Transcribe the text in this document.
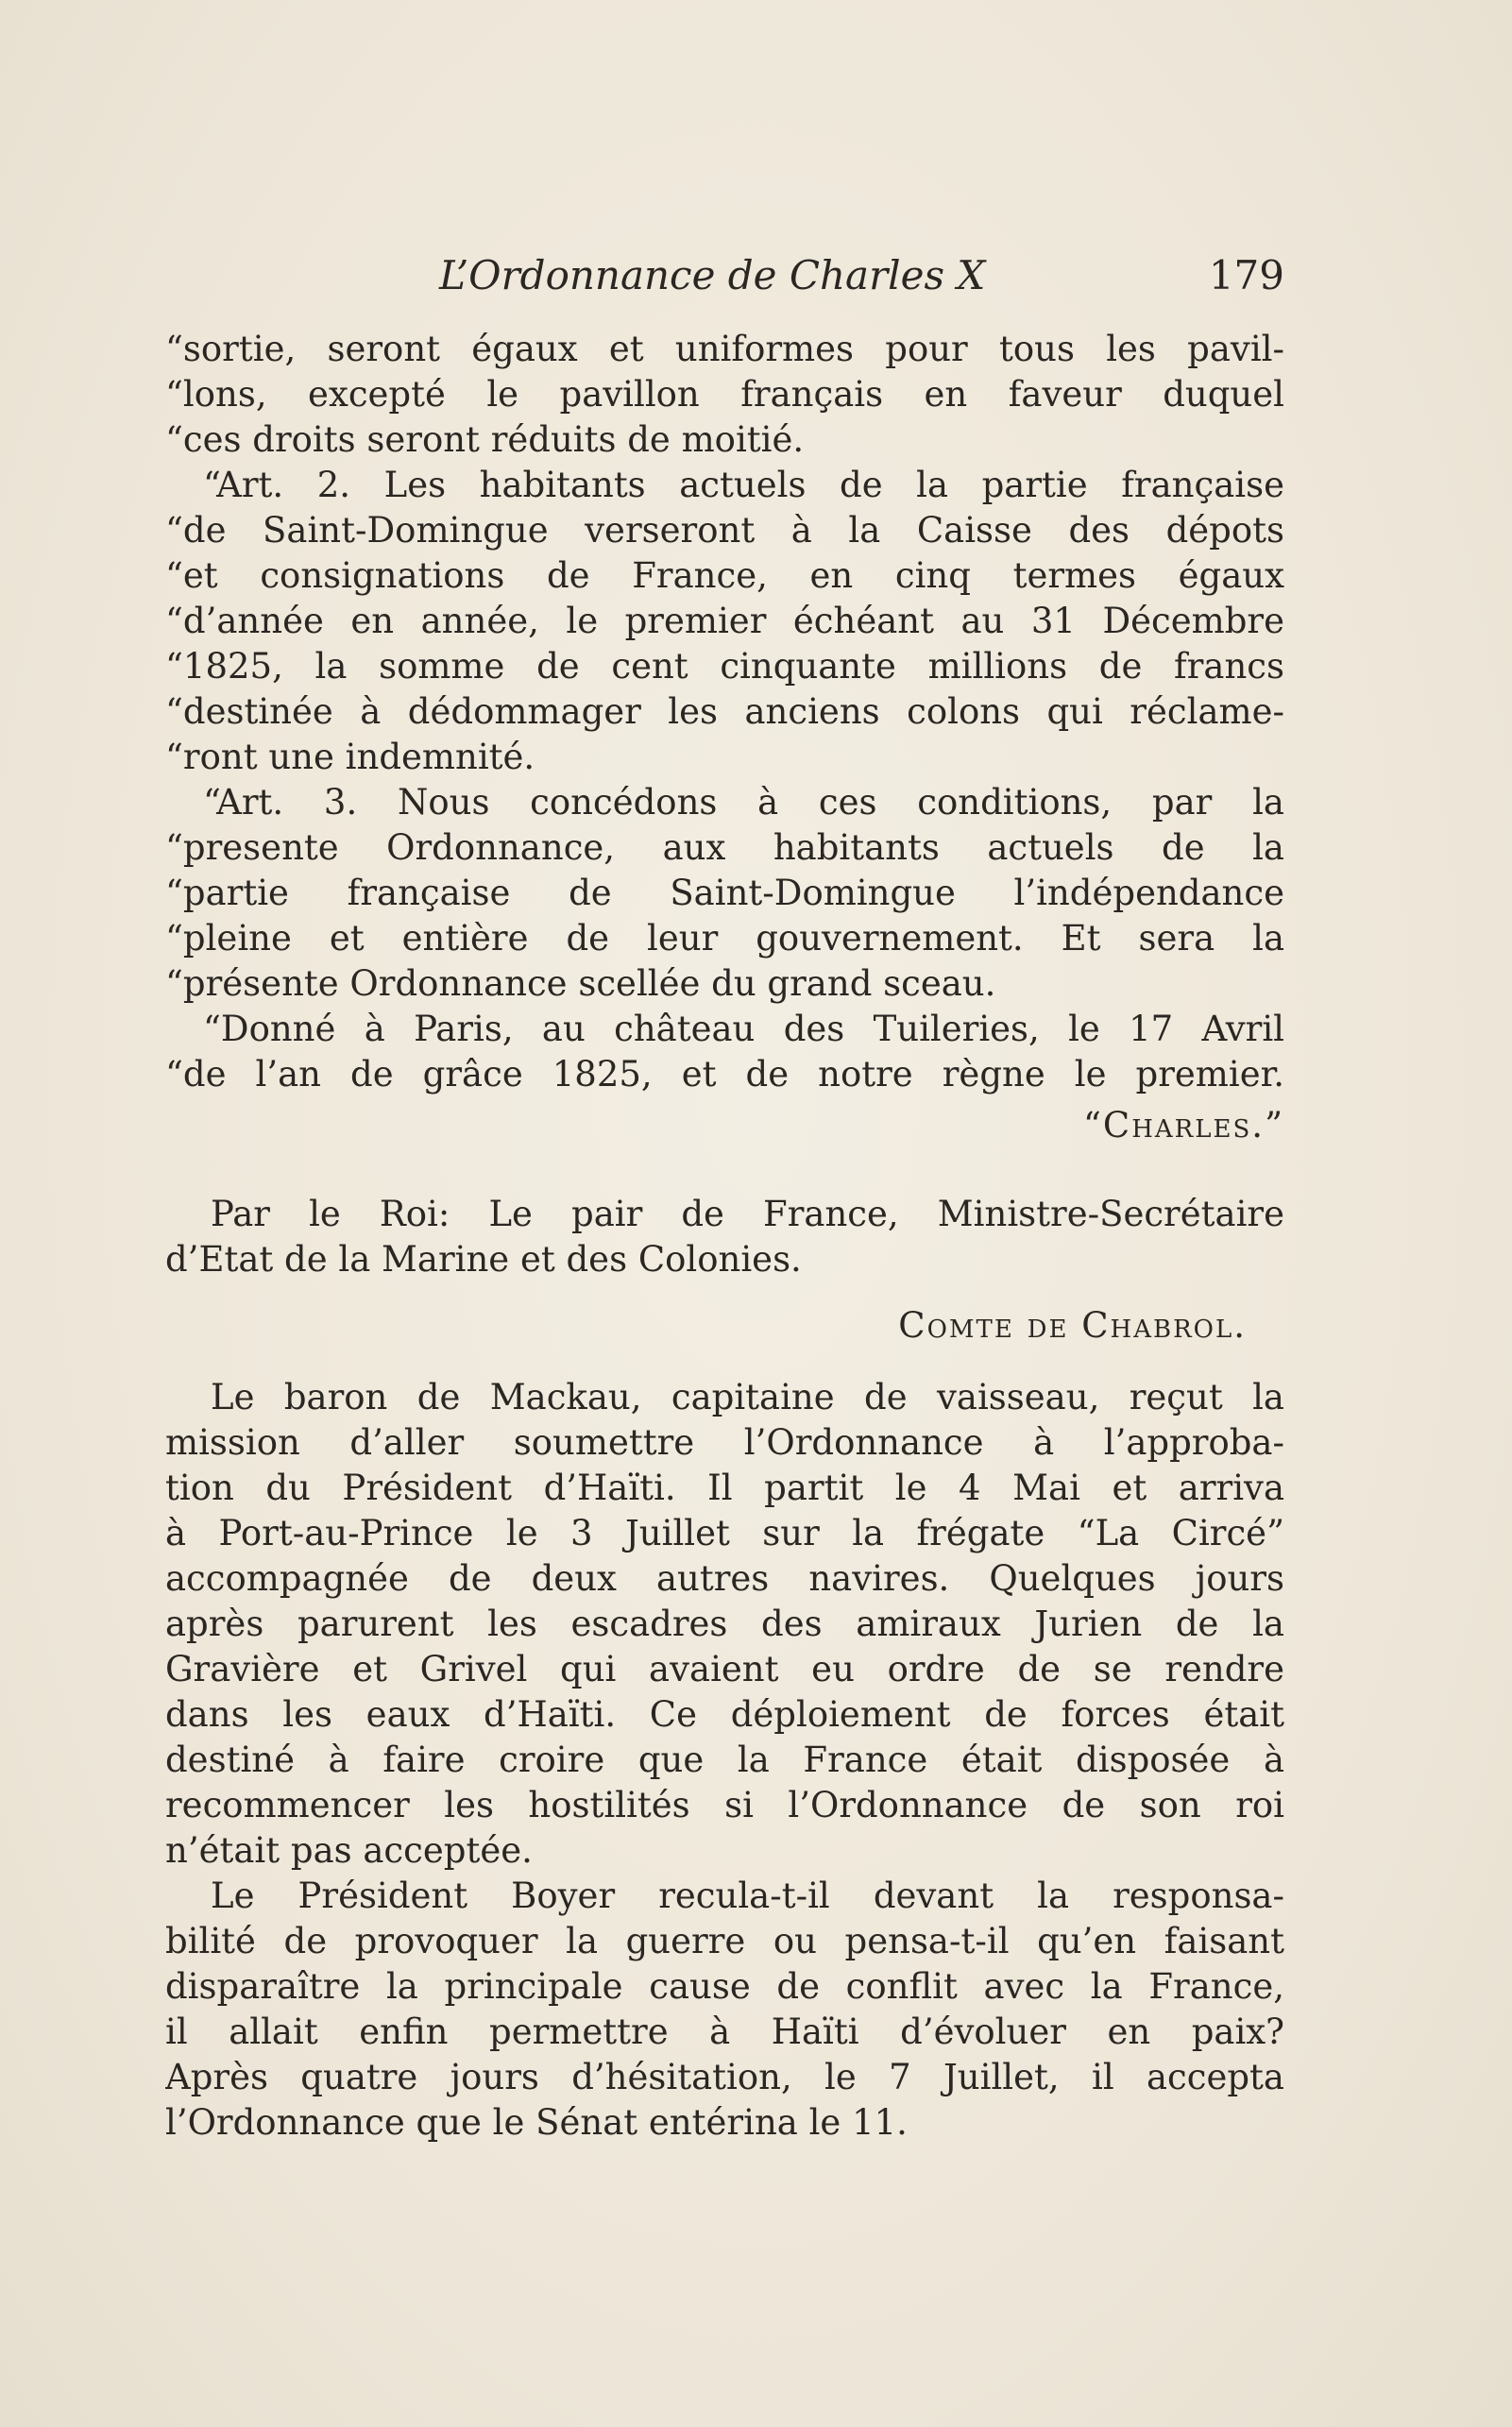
L’Ordonnance de Charles X	179
“sortie, seront égaux et uniformes pour tous les pavil-
“lons, excepté le pavillon français en faveur duquel
“ces droits seront réduits de moitié.
“Art. 2. Les habitants actuels de la partie française
“de Saint-Domingue verseront à la Caisse des dépots
“et consignations de France, en cinq termes égaux
“d’année en année, le premier échéant au 31 Décembre
“1825, la somme de cent cinquante millions de francs
“destinée à dédommager les anciens colons qui réclame-
“ront une indemnité.
“Art. 3. Nous concédons à ces conditions, par la
“presente Ordonnance, aux habitants actuels de la
“partie française de Saint-Domingue l’indépendance
“pleine et entière de leur gouvernement. Et sera la
“présente Ordonnance scellée du grand sceau.
“Donné à Paris, au château des Tuileries, le 17 Avril
“de l’an de grâce 1825, et de notre règne le premier.
“Charles.”
Par le Roi: Le pair de France, Ministre-Secrétaire
d’Etat de la Marine et des Colonies.
Comte de Chabrol.
Le baron de Mackau, capitaine de vaisseau, reçut la
mission d’aller soumettre l’Ordonnance à l’approba-
tion du Président d’Haïti. Il partit le 4 Mai et arriva
à Port-au-Prince le 3 Juillet sur la frégate “La Circé”
accompagnée de deux autres navires. Quelques jours
après parurent les escadres des amiraux Jurien de la
Gravière et Grivel qui avaient eu ordre de se rendre
dans les eaux d’Haïti. Ce déploiement de forces était
destiné à faire croire que la France était disposée à
recommencer les hostilités si l’Ordonnance de son roi
n’était pas acceptée.
Le Président Boyer recula-t-il devant la responsa-
bilité de provoquer la guerre ou pensa-t-il qu’en faisant
disparaître la principale cause de conflit avec la France,
il allait enfin permettre à Haïti d’évoluer en paix?
Après quatre jours d’hésitation, le 7 Juillet, il accepta
l’Ordonnance que le Sénat entérina le 11.
